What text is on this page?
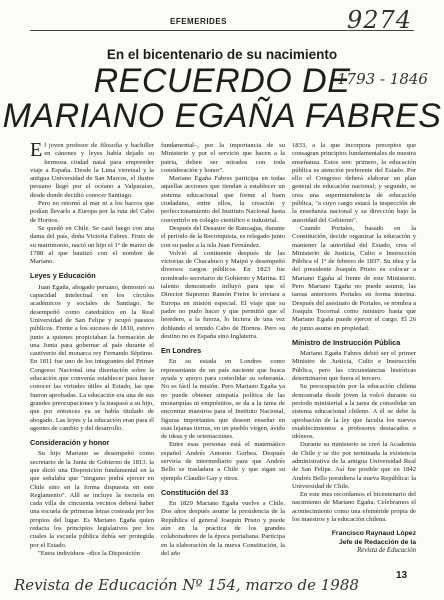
9274
EFEMERIDES
En el bicentenario de su nacimiento
RECUERDO DE
MARIANO EGAÑA FABRES
1793 - 1846

El joven profesor de filosofía y bachiller en cánones y leyes había dejado su hermosa ciudad natal para emprender viaje a España. Desde la Lima virreinal y la antigua Universidad de San Marcos, el ilustre peruano llegó por el océano a Valparaíso, desde donde decidió conocer Santiago.

Pero no retornó al mar ni a los barcos que podían llevarlo a Europa por la ruta del Cabo de Hornos.

Se quedó en Chile. Se casó luego con una dama del país, doña Victoria Fabres. Fruto de su matrimonio, nació un hijo el 1º de marzo de 1788 al que bautizó con el nombre de Mariano.

Leyes y Educación

Juan Egaña, abogado peruano, demostró su capacidad intelectual en los círculos académicos y sociales de Santiago. Se desempeñó como catedrático en la Real Universidad de San Felipe y ocupó puestos públicos. Frente a los sucesos de 1810, estuvo junto a quienes propiciaban la formación de una Junta para gobernar al país durante el cautiverio del monarca rey Fernando Séptimo. En 1811 fue uno de los integrantes del Primer Congreso Nacional una disertación sobre la educación que convenía establecer para hacer conocer las virtudes útiles al Estado, las que fueron aprobadas. La educación era una de sus grandes preocupaciones y la traspasó a su hijo, que por entonces ya se había titulado de abogado. Las leyes y la educación eran para él agentes de cambio y del desarrollo.

Consideración y honor

Su hijo Mariano se desempeñó como secretario de la Junta de Gobierno de 1813. la que dictó una Disposición fundamental en la que señalaba que "ninguno podrá ejercer en Chile sino en la forma dispuesta en este Reglamento". Allí se incluye la escuela en cada villa de cincuenta vecinos deberá haber una escuela de primeras letras costeada por los propios del lugar. Es Mariano Egaña quien redacta los principios legislativos por los cuales la escuela pública debía ser protegida por el Estado.

"Estos individuos –dice la Disposición

fundamental–, por la importancia de su Ministerio y por el servicio que hacen a la patria, deben ser mirados con toda consideración y honor".

Mariano Egaña Fabres participa en todas aquellas acciones que tiendan a establecer un sistema educacional que forme al buen ciudadano, entre ellos, la creación y perfeccionamiento del Instituto Nacional hasta convertirlo en colegio científico e industrial.

Después del Desastre de Rancagua, durante el periodo de la Reconquista, es relegado junto con su padre a la isla Juan Fernández.

Volvió al continente después de las victorias de Chacabuco y Maipú y desempeñó diversos cargos públicos. En 1823 fue nombrado secretario de Gobierno y Marina. El talento demostrado influyó para que el Director Supremo Ramón Freire lo enviara a Europa en misión especial. El viaje que su padre no pudo hacer y que permitió que el heredero, a la fuerza, lo hiciera de una vez doblando el temido Cabo de Hornos. Pero su destino no es España sino Inglaterra.

En Londres

En su estada en Londres como representante de un país naciente que busca ayuda y apoyo para consolidar su soberanía. No es fácil la misión. Pero Mariano Egaña ya no puede obtener simpatía política de las monarquías ni empréstitos, se da a la tarea de encontrar maestros para el Instituto Nacional, figuras importantes que deseen enseñar en esas lejanas tierras, en un pueblo virgen, ávido de ideas y de orientaciones.

Entre esas personas está el matemático español Andrés Antonio Gorbea. Después serviría de intermediario para que Andrés Bello se trasladara a Chile y que sigan su ejemplo Claudio Gay y otros.

Constitución del 33

En 1829 Mariano Egaña vuelve a Chile. Dos años después asume la presidencia de la República el general Joaquín Prieto y puede aún en la práctica de los grandes colaboradores de la época portaliana. Participa en la elaboración de la nueva Constitución, la del año

1833, a la que incorpora preceptos que consagran principios fundamentales de nuestra enseñanza. Estos son: primero, la educación pública es atención preferente del Estado. Por ello el Congreso deberá elaborar un plan general de educación nacional; y segundo, se crea una superintendencia de educación pública, "a cuyo cargo estará la inspección de la enseñanza nacional y su dirección bajo la autoridad del Gobierno".

Cuando Portales, basado en la Constitución, decide organizar la educación y mantener la autoridad del Estado, crea el Ministerio de Justicia, Culto e Instrucción Pública el 1º de febrero de 1837. Su idea y la del presidente Joaquín Prieto es colocar a Mariano Egaña al frente de este Ministerio. Pero Mariano Egaña no puede asumir, las tareas anteriores Portales en forma interina. Después del asesinato de Portales, se nombra a Joaquín Tocornal como ministro hasta que Mariano Egaña puede ejercer el cargo. El 26 de junio asume en propiedad.

Ministro de Instrucción Pública

Mariano Egaña Fabres debió ser el primer Ministro de Justicia, Culto e Instrucción Pública, pero las circunstancias históricas determinaron que fuera el tercero.

Su preocupación por la educación chilena demostrada desde joven la volcó durante su período ministerial a la tarea de consolidar un sistema educacional chileno. A él se debe la aprobación de la ley que faculta los nuevos establecimientos a profesores destacados e idóneos.

Durante su ministerio se creó la Academia de Chile y se dio por terminada la existencia administrativa de la antigua Universidad Real de San Felipe. Así fue posible que en 1842 Andrés Bello presidiera la nueva República: la Universidad de Chile.

En este mes recordamos el bicentenario del nacimiento de Mariano Egaña. Celebramos el acontecimiento como una efeméride propia de los maestros y la educación chilena.

Francisco Raynaud López
Jefe de Redacción de la
Revista de Educación
13
Revista de Educación Nº 154, marzo de 1988
